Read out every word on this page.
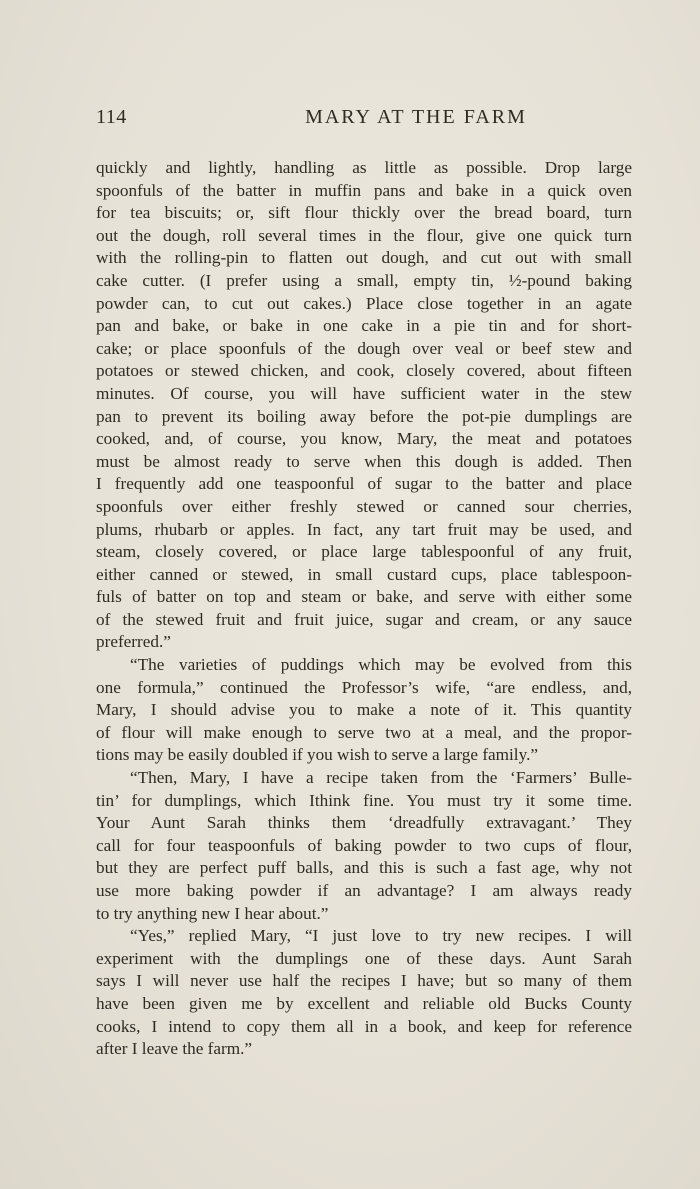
114	MARY AT THE FARM

quickly and lightly, handling as little as possible. Drop large
spoonfuls of the batter in muffin pans and bake in a quick oven
for tea biscuits; or, sift flour thickly over the bread board, turn
out the dough, roll several times in the flour, give one quick turn
with the rolling-pin to flatten out dough, and cut out with small
cake cutter. (I prefer using a small, empty tin, ½-pound baking
powder can, to cut out cakes.) Place close together in an agate
pan and bake, or bake in one cake in a pie tin and for short-
cake; or place spoonfuls of the dough over veal or beef stew and
potatoes or stewed chicken, and cook, closely covered, about fifteen
minutes. Of course, you will have sufficient water in the stew
pan to prevent its boiling away before the pot-pie dumplings are
cooked, and, of course, you know, Mary, the meat and potatoes
must be almost ready to serve when this dough is added. Then
I frequently add one teaspoonful of sugar to the batter and place
spoonfuls over either freshly stewed or canned sour cherries,
plums, rhubarb or apples. In fact, any tart fruit may be used, and
steam, closely covered, or place large tablespoonful of any fruit,
either canned or stewed, in small custard cups, place tablespoon-
fuls of batter on top and steam or bake, and serve with either some
of the stewed fruit and fruit juice, sugar and cream, or any sauce
preferred.”

“The varieties of puddings which may be evolved from this
one formula,” continued the Professor’s wife, “are endless, and,
Mary, I should advise you to make a note of it. This quantity
of flour will make enough to serve two at a meal, and the propor-
tions may be easily doubled if you wish to serve a large family.”

“Then, Mary, I have a recipe taken from the ‘Farmers’ Bulle-
tin’ for dumplings, which Ithink fine. You must try it some time.
Your Aunt Sarah thinks them ‘dreadfully extravagant.’ They
call for four teaspoonfuls of baking powder to two cups of flour,
but they are perfect puff balls, and this is such a fast age, why not
use more baking powder if an advantage? I am always ready
to try anything new I hear about.”

“Yes,” replied Mary, “I just love to try new recipes. I will
experiment with the dumplings one of these days. Aunt Sarah
says I will never use half the recipes I have; but so many of them
have been given me by excellent and reliable old Bucks County
cooks, I intend to copy them all in a book, and keep for reference
after I leave the farm.”
